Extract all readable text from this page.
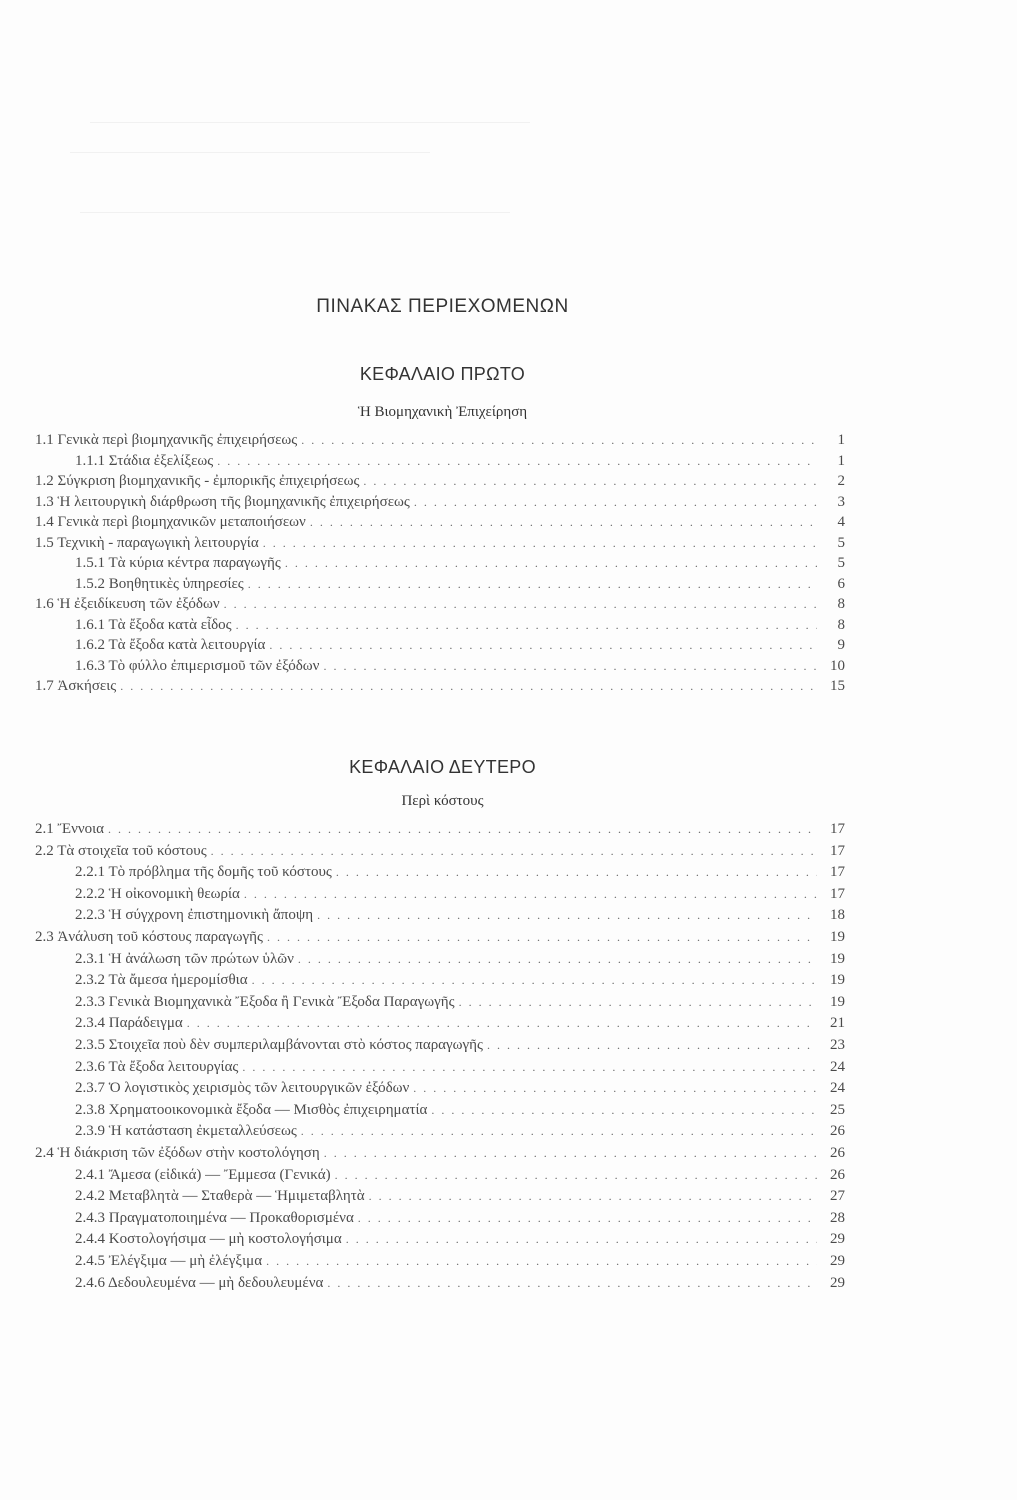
ΠΙΝΑΚΑΣ ΠΕΡΙΕΧΟΜΕΝΩΝ
ΚΕΦΑΛΑΙΟ ΠΡΩΤΟ
Ἡ Βιομηχανικὴ Ἐπιχείρηση
1.1 Γενικὰ περὶ βιομηχανικῆς ἐπιχειρήσεως . . .	1
1.1.1 Στάδια ἐξελίξεως . . .	1
1.2 Σύγκριση βιομηχανικῆς - ἐμπορικῆς ἐπιχειρήσεως . . .	2
1.3 Ἡ λειτουργικὴ διάρθρωση τῆς βιομηχανικῆς ἐπιχειρήσεως . . .	3
1.4 Γενικὰ περὶ βιομηχανικῶν μεταποιήσεων . . .	4
1.5 Τεχνικὴ - παραγωγικὴ λειτουργία . . .	5
1.5.1 Τὰ κύρια κέντρα παραγωγῆς . . .	5
1.5.2 Βοηθητικὲς ὑπηρεσίες . . .	6
1.6 Ἡ ἐξειδίκευση τῶν ἐξόδων . . .	8
1.6.1 Τὰ ἔξοδα κατὰ εἶδος . . .	8
1.6.2 Τὰ ἔξοδα κατὰ λειτουργία . . .	9
1.6.3 Τὸ φύλλο ἐπιμερισμοῦ τῶν ἐξόδων . . .	10
1.7 Ἀσκήσεις . . .	15
ΚΕΦΑΛΑΙΟ ΔΕΥΤΕΡΟ
Περὶ κόστους
2.1 Ἔννοια . . .	17
2.2 Τὰ στοιχεῖα τοῦ κόστους . . .	17
2.2.1 Τὸ πρόβλημα τῆς δομῆς τοῦ κόστους . . .	17
2.2.2 Ἡ οἰκονομικὴ θεωρία . . .	17
2.2.3 Ἡ σύγχρονη ἐπιστημονικὴ ἄποψη . . .	18
2.3 Ἀνάλυση τοῦ κόστους παραγωγῆς . . .	19
2.3.1 Ἡ ἀνάλωση τῶν πρώτων ὑλῶν . . .	19
2.3.2 Τὰ ἄμεσα ἡμερομίσθια . . .	19
2.3.3 Γενικὰ Βιομηχανικὰ Ἔξοδα ἢ Γενικὰ Ἔξοδα Παραγωγῆς . . .	19
2.3.4 Παράδειγμα . . .	21
2.3.5 Στοιχεῖα ποὺ δὲν συμπεριλαμβάνονται στὸ κόστος παραγωγῆς . . .	23
2.3.6 Τὰ ἔξοδα λειτουργίας . . .	24
2.3.7 Ὁ λογιστικὸς χειρισμὸς τῶν λειτουργικῶν ἐξόδων . . .	24
2.3.8 Χρηματοοικονομικὰ ἔξοδα — Μισθὸς ἐπιχειρηματία . . .	25
2.3.9 Ἡ κατάσταση ἐκμεταλλεύσεως . . .	26
2.4 Ἡ διάκριση τῶν ἐξόδων στὴν κοστολόγηση . . .	26
2.4.1 Ἄμεσα (εἰδικά) — Ἔμμεσα (Γενικά) . . .	26
2.4.2 Μεταβλητὰ — Σταθερὰ — Ἡμιμεταβλητὰ . . .	27
2.4.3 Πραγματοποιημένα — Προκαθορισμένα . . .	28
2.4.4 Κοστολογήσιμα — μὴ κοστολογήσιμα . . .	29
2.4.5 Ἐλέγξιμα — μὴ ἐλέγξιμα . . .	29
2.4.6 Δεδουλευμένα — μὴ δεδουλευμένα . . .	29
